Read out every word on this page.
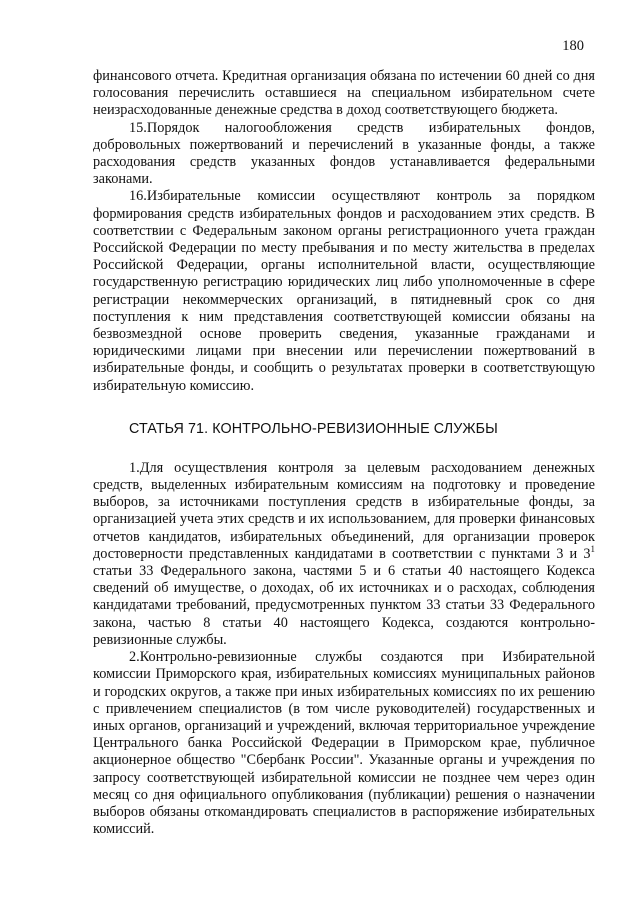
180

финансового отчета. Кредитная организация обязана по истечении 60 дней со дня голосования перечислить оставшиеся на специальном избирательном счете неизрасходованные денежные средства в доход соответствующего бюджета.

15.Порядок налогообложения средств избирательных фондов, добровольных пожертвований и перечислений в указанные фонды, а также расходования средств указанных фондов устанавливается федеральными законами.

16.Избирательные комиссии осуществляют контроль за порядком формирования средств избирательных фондов и расходованием этих средств. В соответствии с Федеральным законом органы регистрационного учета граждан Российской Федерации по месту пребывания и по месту жительства в пределах Российской Федерации, органы исполнительной власти, осуществляющие государственную регистрацию юридических лиц либо уполномоченные в сфере регистрации некоммерческих организаций, в пятидневный срок со дня поступления к ним представления соответствующей комиссии обязаны на безвозмездной основе проверить сведения, указанные гражданами и юридическими лицами при внесении или перечислении пожертвований в избирательные фонды, и сообщить о результатах проверки в соответствующую избирательную комиссию.

СТАТЬЯ 71. КОНТРОЛЬНО-РЕВИЗИОННЫЕ СЛУЖБЫ

1.Для осуществления контроля за целевым расходованием денежных средств, выделенных избирательным комиссиям на подготовку и проведение выборов, за источниками поступления средств в избирательные фонды, за организацией учета этих средств и их использованием, для проверки финансовых отчетов кандидатов, избирательных объединений, для организации проверок достоверности представленных кандидатами в соответствии с пунктами 3 и $3^1$ статьи 33 Федерального закона, частями 5 и 6 статьи 40 настоящего Кодекса сведений об имуществе, о доходах, об их источниках и о расходах, соблюдения кандидатами требований, предусмотренных пунктом 33 статьи 33 Федерального закона, частью 8 статьи 40 настоящего Кодекса, создаются контрольно-ревизионные службы.

2.Контрольно-ревизионные службы создаются при Избирательной комиссии Приморского края, избирательных комиссиях муниципальных районов и городских округов, а также при иных избирательных комиссиях по их решению с привлечением специалистов (в том числе руководителей) государственных и иных органов, организаций и учреждений, включая территориальное учреждение Центрального банка Российской Федерации в Приморском крае, публичное акционерное общество "Сбербанк России". Указанные органы и учреждения по запросу соответствующей избирательной комиссии не позднее чем через один месяц со дня официального опубликования (публикации) решения о назначении выборов обязаны откомандировать специалистов в распоряжение избирательных комиссий.
